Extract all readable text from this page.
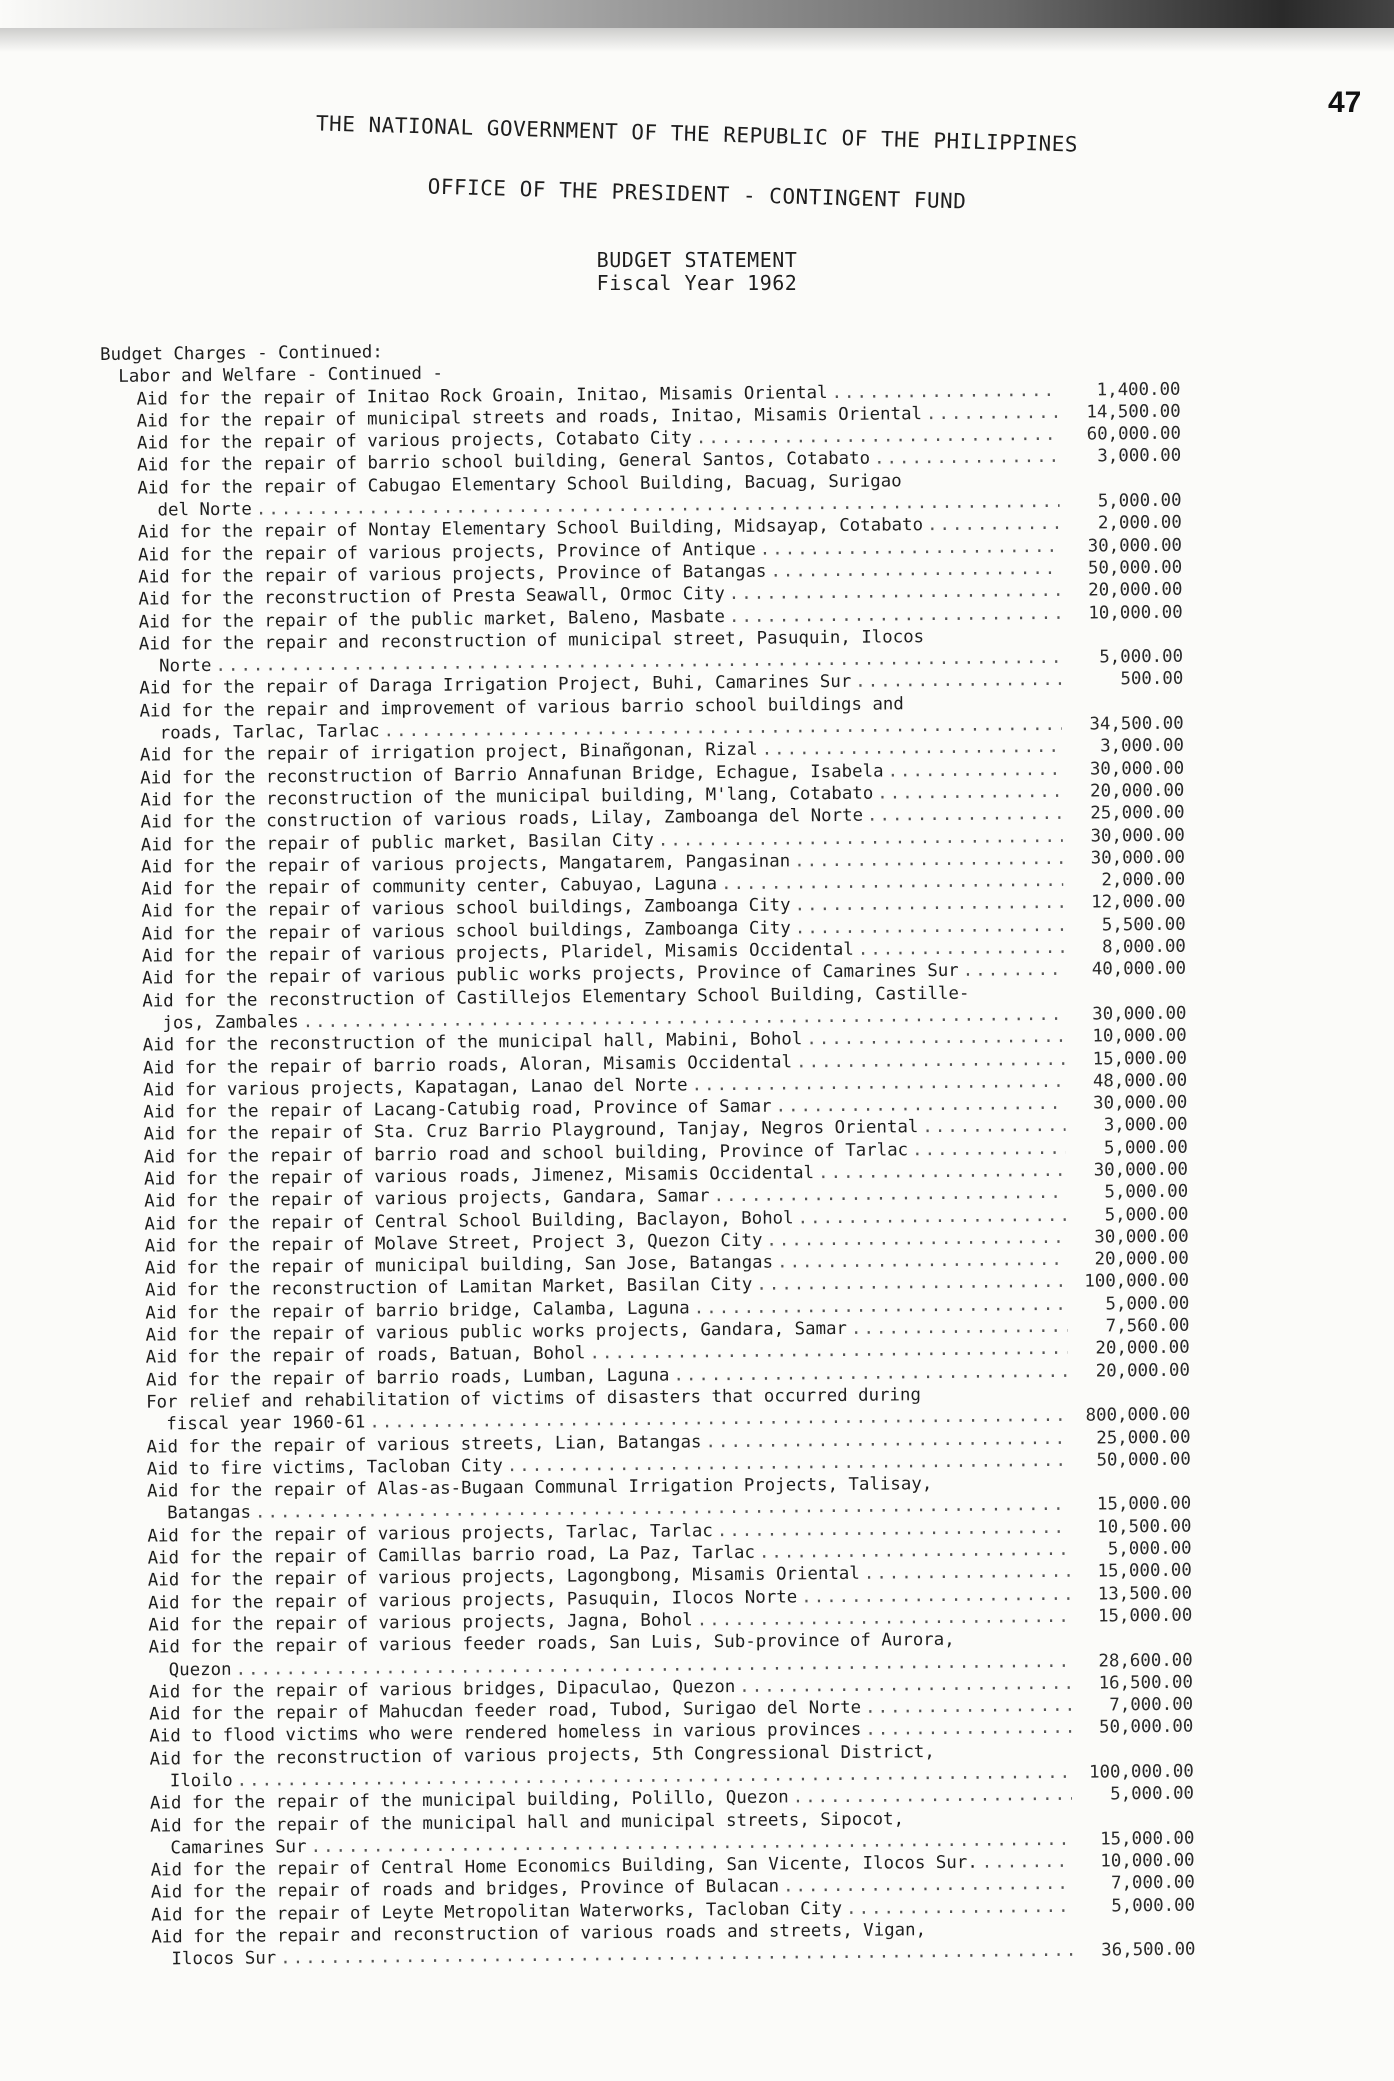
47
THE NATIONAL GOVERNMENT OF THE REPUBLIC OF THE PHILIPPINES
OFFICE OF THE PRESIDENT - CONTINGENT FUND
BUDGET STATEMENT
Fiscal Year 1962
Budget Charges - Continued:
Labor and Welfare - Continued -
Aid for the repair of Initao Rock Groain, Initao, Misamis Oriental .....	1,400.00
Aid for the repair of municipal streets and roads, Initao, Misamis Oriental .....	14,500.00
Aid for the repair of various projects, Cotabato City .....	60,000.00
Aid for the repair of barrio school building, General Santos, Cotabato .....	3,000.00
Aid for the repair of Cabugao Elementary School Building, Bacuag, Surigao
del Norte .....	5,000.00
Aid for the repair of Nontay Elementary School Building, Midsayap, Cotabato .....	2,000.00
Aid for the repair of various projects, Province of Antique .....	30,000.00
Aid for the repair of various projects, Province of Batangas .....	50,000.00
Aid for the reconstruction of Presta Seawall, Ormoc City .....	20,000.00
Aid for the repair of the public market, Baleno, Masbate .....	10,000.00
Aid for the repair and reconstruction of municipal street, Pasuquin, Ilocos
Norte .....	5,000.00
Aid for the repair of Daraga Irrigation Project, Buhi, Camarines Sur .....	500.00
Aid for the repair and improvement of various barrio school buildings and
roads, Tarlac, Tarlac .....	34,500.00
Aid for the repair of irrigation project, Binañgonan, Rizal .....	3,000.00
Aid for the reconstruction of Barrio Annafunan Bridge, Echague, Isabela .....	30,000.00
Aid for the reconstruction of the municipal building, M'lang, Cotabato .....	20,000.00
Aid for the construction of various roads, Lilay, Zamboanga del Norte .....	25,000.00
Aid for the repair of public market, Basilan City .....	30,000.00
Aid for the repair of various projects, Mangatarem, Pangasinan .....	30,000.00
Aid for the repair of community center, Cabuyao, Laguna .....	2,000.00
Aid for the repair of various school buildings, Zamboanga City .....	12,000.00
Aid for the repair of various school buildings, Zamboanga City .....	5,500.00
Aid for the repair of various projects, Plaridel, Misamis Occidental .....	8,000.00
Aid for the repair of various public works projects, Province of Camarines Sur .....	40,000.00
Aid for the reconstruction of Castillejos Elementary School Building, Castille-
jos, Zambales .....	30,000.00
Aid for the reconstruction of the municipal hall, Mabini, Bohol .....	10,000.00
Aid for the repair of barrio roads, Aloran, Misamis Occidental .....	15,000.00
Aid for various projects, Kapatagan, Lanao del Norte .....	48,000.00
Aid for the repair of Lacang-Catubig road, Province of Samar .....	30,000.00
Aid for the repair of Sta. Cruz Barrio Playground, Tanjay, Negros Oriental .....	3,000.00
Aid for the repair of barrio road and school building, Province of Tarlac .....	5,000.00
Aid for the repair of various roads, Jimenez, Misamis Occidental .....	30,000.00
Aid for the repair of various projects, Gandara, Samar .....	5,000.00
Aid for the repair of Central School Building, Baclayon, Bohol .....	5,000.00
Aid for the repair of Molave Street, Project 3, Quezon City .....	30,000.00
Aid for the repair of municipal building, San Jose, Batangas .....	20,000.00
Aid for the reconstruction of Lamitan Market, Basilan City .....	100,000.00
Aid for the repair of barrio bridge, Calamba, Laguna .....	5,000.00
Aid for the repair of various public works projects, Gandara, Samar .....	7,560.00
Aid for the repair of roads, Batuan, Bohol .....	20,000.00
Aid for the repair of barrio roads, Lumban, Laguna .....	20,000.00
For relief and rehabilitation of victims of disasters that occurred during
fiscal year 1960-61 .....	800,000.00
Aid for the repair of various streets, Lian, Batangas .....	25,000.00
Aid to fire victims, Tacloban City .....	50,000.00
Aid for the repair of Alas-as-Bugaan Communal Irrigation Projects, Talisay,
Batangas .....	15,000.00
Aid for the repair of various projects, Tarlac, Tarlac .....	10,500.00
Aid for the repair of Camillas barrio road, La Paz, Tarlac .....	5,000.00
Aid for the repair of various projects, Lagongbong, Misamis Oriental .....	15,000.00
Aid for the repair of various projects, Pasuquin, Ilocos Norte .....	13,500.00
Aid for the repair of various projects, Jagna, Bohol .....	15,000.00
Aid for the repair of various feeder roads, San Luis, Sub-province of Aurora,
Quezon .....	28,600.00
Aid for the repair of various bridges, Dipaculao, Quezon .....	16,500.00
Aid for the repair of Mahucdan feeder road, Tubod, Surigao del Norte .....	7,000.00
Aid to flood victims who were rendered homeless in various provinces .....	50,000.00
Aid for the reconstruction of various projects, 5th Congressional District,
Iloilo .....	100,000.00
Aid for the repair of the municipal building, Polillo, Quezon .....	5,000.00
Aid for the repair of the municipal hall and municipal streets, Sipocot,
Camarines Sur .....	15,000.00
Aid for the repair of Central Home Economics Building, San Vicente, Ilocos Sur. .....	10,000.00
Aid for the repair of roads and bridges, Province of Bulacan .....	7,000.00
Aid for the repair of Leyte Metropolitan Waterworks, Tacloban City .....	5,000.00
Aid for the repair and reconstruction of various roads and streets, Vigan,
Ilocos Sur .....	36,500.00
